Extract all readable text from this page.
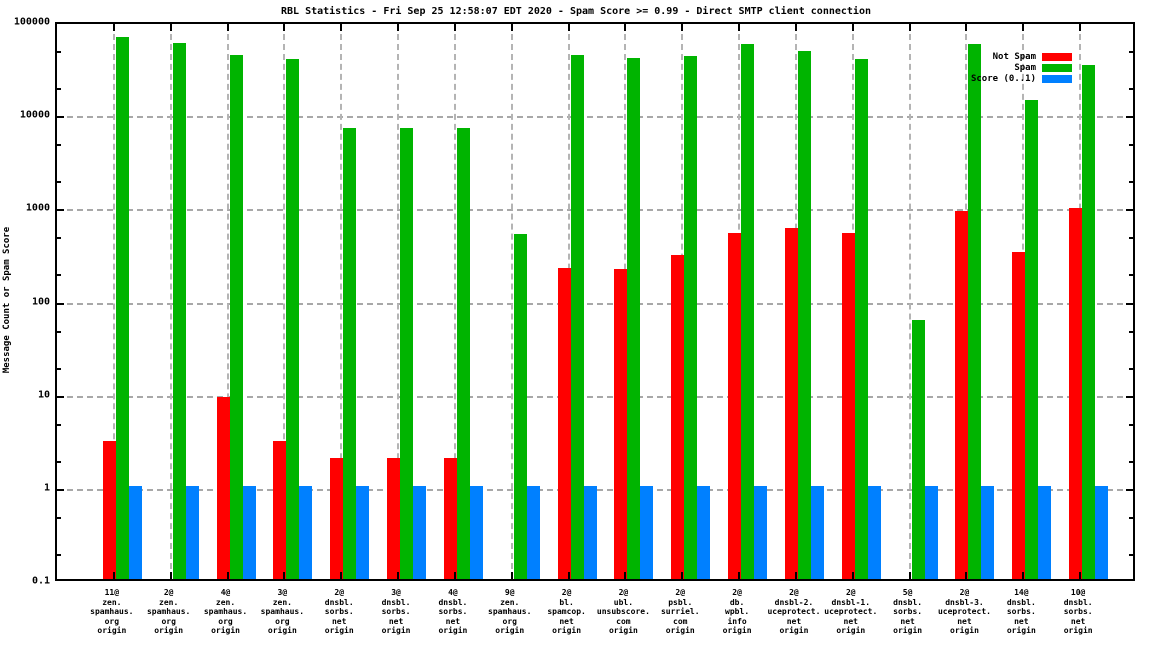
RBL Statistics - Fri Sep 25 12:58:07 EDT 2020 - Spam Score >= 0.99 - Direct SMTP client connection
Message Count or Spam Score
Not Spam
Spam
Score (0..1)
100000
10000
1000
100
10
1
0.1
11@
zen.
spamhaus.
org
origin
2@
zen.
spamhaus.
org
origin
4@
zen.
spamhaus.
org
origin
3@
zen.
spamhaus.
org
origin
2@
dnsbl.
sorbs.
net
origin
3@
dnsbl.
sorbs.
net
origin
4@
dnsbl.
sorbs.
net
origin
9@
zen.
spamhaus.
org
origin
2@
bl.
spamcop.
net
origin
2@
ubl.
unsubscore.
com
origin
2@
psbl.
surriel.
com
origin
2@
db.
wpbl.
info
origin
2@
dnsbl-2.
uceprotect.
net
origin
2@
dnsbl-1.
uceprotect.
net
origin
5@
dnsbl.
sorbs.
net
origin
2@
dnsbl-3.
uceprotect.
net
origin
14@
dnsbl.
sorbs.
net
origin
10@
dnsbl.
sorbs.
net
origin
